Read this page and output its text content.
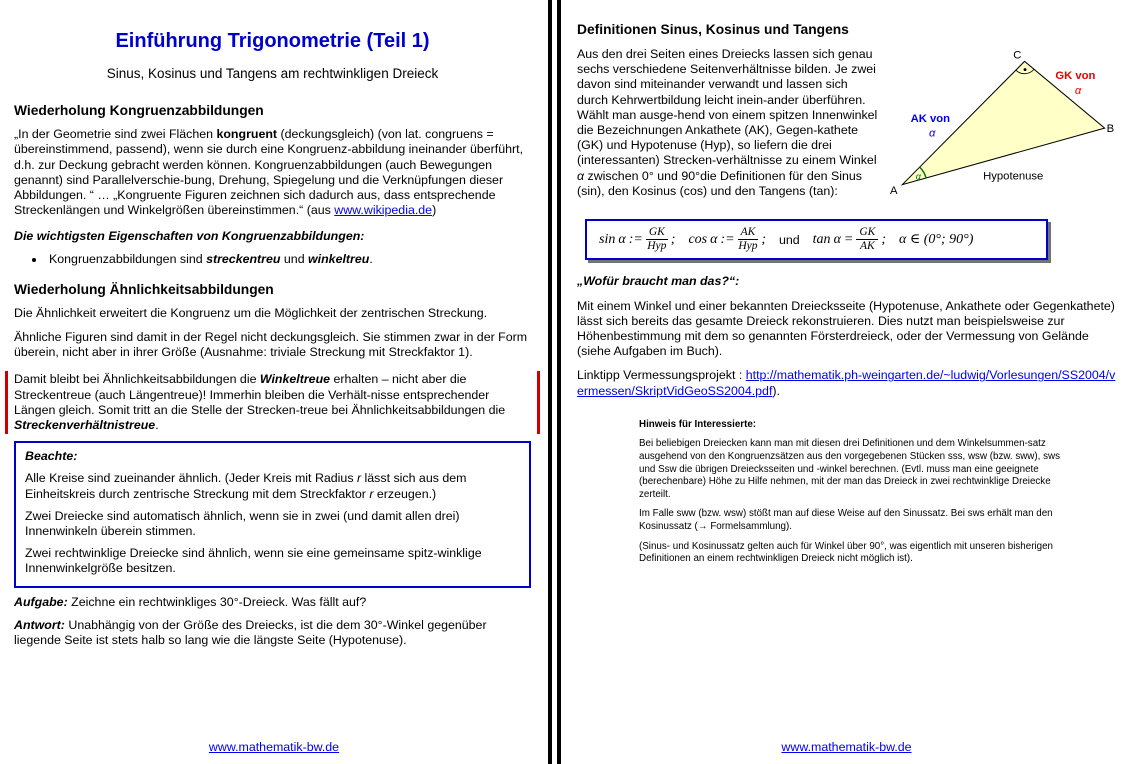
Einführung Trigonometrie (Teil 1)

Sinus, Kosinus und Tangens am rechtwinkligen Dreieck

Wiederholung Kongruenzabbildungen

„In der Geometrie sind zwei Flächen kongruent (deckungsgleich) (von lat. congruens = übereinstimmend, passend), wenn sie durch eine Kongruenz-abbildung ineinander überführt, d.h. zur Deckung gebracht werden können. Kongruenzabbildungen (auch Bewegungen genannt) sind Parallelverschie-bung, Drehung, Spiegelung und die Verknüpfungen dieser Abbildungen. “ … „Kongruente Figuren zeichnen sich dadurch aus, dass entsprechende Streckenlängen und Winkelgrößen übereinstimmen.“ (aus www.wikipedia.de)

Die wichtigsten Eigenschaften von Kongruenzabbildungen:

• Kongruenzabbildungen sind streckentreu und winkeltreu.
Wiederholung Ähnlichkeitsabbildungen

Die Ähnlichkeit erweitert die Kongruenz um die Möglichkeit der zentrischen Streckung.

Ähnliche Figuren sind damit in der Regel nicht deckungsgleich. Sie stimmen zwar in der Form überein, nicht aber in ihrer Größe (Ausnahme: triviale Streckung mit Streckfaktor 1).

Damit bleibt bei Ähnlichkeitsabbildungen die Winkeltreue erhalten – nicht aber die Streckentreue (auch Längentreue)! Immerhin bleiben die Verhält-nisse entsprechender Längen gleich. Somit tritt an die Stelle der Strecken-treue bei Ähnlichkeitsabbildungen die Streckenverhältnistreue.

Beachte:

Alle Kreise sind zueinander ähnlich. (Jeder Kreis mit Radius r lässt sich aus dem Einheitskreis durch zentrische Streckung mit dem Streckfaktor r erzeugen.)

Zwei Dreiecke sind automatisch ähnlich, wenn sie in zwei (und damit allen drei) Innenwinkeln überein stimmen.

Zwei rechtwinklige Dreiecke sind ähnlich, wenn sie eine gemeinsame spitz-winklige Innenwinkelgröße besitzen.

Aufgabe: Zeichne ein rechtwinkliges 30°-Dreieck. Was fällt auf?

Antwort: Unabhängig von der Größe des Dreiecks, ist die dem 30°-Winkel gegenüber liegende Seite ist stets halb so lang wie die längste Seite (Hypotenuse).

www.mathematik-bw.de
Definitionen Sinus, Kosinus und Tangens
C
B
A
GK von
α
AK von
α
α	Hypotenuse

Aus den drei Seiten eines Dreiecks lassen sich genau sechs verschiedene Seitenverhältnisse bilden. Je zwei davon sind miteinander verwandt und lassen sich durch Kehrwertbildung leicht inein-ander überführen. Wählt man ausge-hend von einem spitzen Innenwinkel die Bezeichnungen Ankathete (AK), Gegen-kathete (GK) und Hypotenuse (Hyp), so liefern die drei (interessanten) Strecken-verhältnisse zu einem Winkel α zwischen 0° und 90°die Definitionen für den Sinus (sin), den Kosinus (cos) und den Tangens (tan):

sin α := $\frac{GK}{\text{Hyp}}$ ; cos α := $\frac{AK}{\text{Hyp}}$ ; und $\tan \alpha = \frac{GK}{AK}$ ; α ∈ (0°; 90°)

„Wofür braucht man das?“:

Mit einem Winkel und einer bekannten Dreiecksseite (Hypotenuse, Ankathete oder Gegenkathete) lässt sich bereits das gesamte Dreieck rekonstruieren. Dies nutzt man beispielsweise zur Höhenbestimmung mit dem so genannten Försterdreieck, oder der Vermessung von Gelände (siehe Aufgaben im Buch).

Linktipp Vermessungsprojekt : http://mathematik.ph-weingarten.de/~ludwig/Vorlesungen/SS2004/vermessen/SkriptVidGeoSS2004.pdf).

Hinweis für Interessierte:

Bei beliebigen Dreiecken kann man mit diesen drei Definitionen und dem Winkelsummen-satz ausgehend von den Kongruenzsätzen aus den vorgegebenen Stücken sss, wsw (bzw. sww), sws und Ssw die übrigen Dreiecksseiten und -winkel berechnen. (Evtl. muss man eine geeignete (berechenbare) Höhe zu Hilfe nehmen, mit der man das Dreieck in zwei rechtwinklige Dreiecke zerteilt.

Im Falle sww (bzw. wsw) stößt man auf diese Weise auf den Sinussatz. Bei sws erhält man den Kosinussatz (→ Formelsammlung).

(Sinus- und Kosinussatz gelten auch für Winkel über 90°, was eigentlich mit unseren bisherigen Definitionen an einem rechtwinkligen Dreieck nicht möglich ist).

www.mathematik-bw.de
